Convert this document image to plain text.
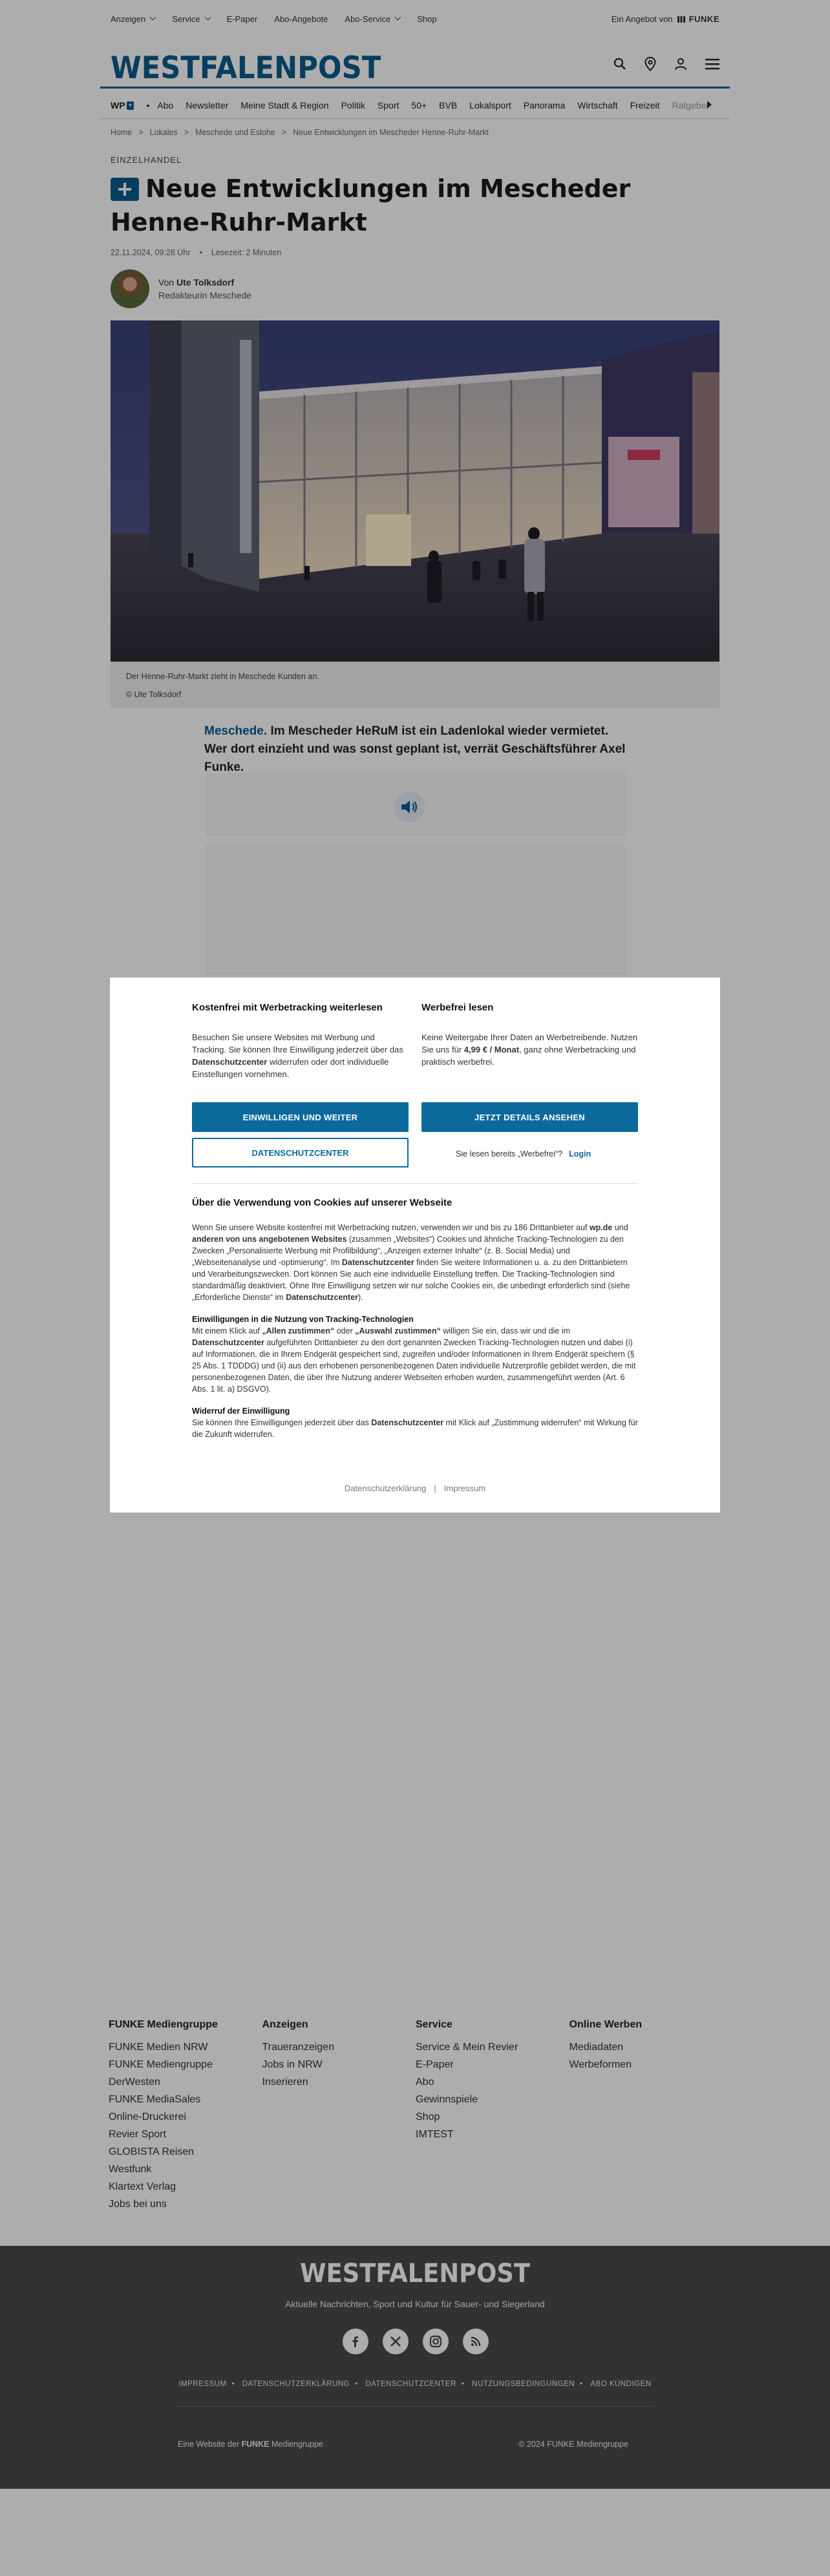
Anzeigen	Service	E-Paper Abo-Angebote Abo-Service	Shop	Ein Angebot von FUNKE
WESTFALENPOST
WP + • Abo Newsletter Meine Stadt & Region Politik Sport 50+ BVB Lokalsport Panorama Wirtschaft Freizeit Ratgeber
Home > Lokales > Meschede und Eslohe > Neue Entwicklungen im Mescheder Henne-Ruhr-Markt
EINZELHANDEL
Neue Entwicklungen im Mescheder Henne-Ruhr-Markt
22.11.2024, 09:28 Uhr • Lesezeit: 2 Minuten
Von Ute Tolksdorf
Redakteurin Meschede
Der Henne-Ruhr-Markt zieht in Meschede Kunden an.
© Ute Tolksdorf

Meschede. Im Mescheder HeRuM ist ein Ladenlokal wieder vermietet. Wer dort einzieht und was sonst geplant ist, verrät Geschäftsführer Axel Funke.

FUNKE Mediengruppe
FUNKE Medien NRW
FUNKE Mediengruppe
DerWesten
FUNKE MediaSales
Online-Druckerei
Revier Sport
GLOBISTA Reisen
Westfunk
Klartext Verlag
Jobs bei uns
Anzeigen
Traueranzeigen
Jobs in NRW
Inserieren
Service
Service & Mein Revier
E-Paper
Abo
Gewinnspiele
Shop
IMTEST
Online Werben
Mediadaten
Werbeformen
WESTFALENPOST
Aktuelle Nachrichten, Sport und Kultur für Sauer- und Siegerland
IMPRESSUM • DATENSCHUTZERKLÄRUNG • DATENSCHUTZCENTER • NUTZUNGSBEDINGUNGEN • ABO KÜNDIGEN
Eine Website der FUNKE Mediengruppe	© 2024 FUNKE Mediengruppe
Kostenfrei mit Werbetracking weiterlesen

Besuchen Sie unsere Websites mit Werbung und Tracking. Sie können Ihre Einwilligung jederzeit über das Datenschutzcenter widerrufen oder dort individuelle Einstellungen vornehmen.

Werbefrei lesen

Keine Weitergabe Ihrer Daten an Werbetreibende. Nutzen Sie uns für 4,99 € / Monat, ganz ohne Werbetracking und praktisch werbefrei.

EINWILLIGEN UND WEITER	JETZT DETAILS ANSEHEN
DATENSCHUTZCENTER	Sie lesen bereits „Werbefrei“? Login
Über die Verwendung von Cookies auf unserer Webseite

Wenn Sie unsere Website kostenfrei mit Werbetracking nutzen, verwenden wir und bis zu 186 Drittanbieter auf wp.de und anderen von uns angebotenen Websites (zusammen „Websites“) Cookies und ähnliche Tracking-Technologien zu den Zwecken „Personalisierte Werbung mit Profilbildung“, „Anzeigen externer Inhalte“ (z. B. Social Media) und „Webseitenanalyse und -optimierung“. Im Datenschutzcenter finden Sie weitere Informationen u. a. zu den Drittanbietern und Verarbeitungszwecken. Dort können Sie auch eine individuelle Einstellung treffen. Die Tracking-Technologien sind standardmäßig deaktiviert. Ohne Ihre Einwilligung setzen wir nur solche Cookies ein, die unbedingt erforderlich sind (siehe „Erforderliche Dienste“ im Datenschutzcenter).

Einwilligungen in die Nutzung von Tracking-Technologien

Mit einem Klick auf „Allen zustimmen“ oder „Auswahl zustimmen“ willigen Sie ein, dass wir und die im Datenschutzcenter aufgeführten Drittanbieter zu den dort genannten Zwecken Tracking-Technologien nutzen und dabei (i) auf Informationen, die in Ihrem Endgerät gespeichert sind, zugreifen und/oder Informationen in Ihrem Endgerät speichern (§ 25 Abs. 1 TDDDG) und (ii) aus den erhobenen personenbezogenen Daten individuelle Nutzerprofile gebildet werden, die mit personenbezogenen Daten, die über Ihre Nutzung anderer Webseiten erhoben wurden, zusammengeführt werden (Art. 6 Abs. 1 lit. a) DSGVO).

Widerruf der Einwilligung

Sie können Ihre Einwilligungen jederzeit über das Datenschutzcenter mit Klick auf „Zustimmung widerrufen“ mit Wirkung für die Zukunft widerrufen.

Datenschutzerklärung | Impressum
